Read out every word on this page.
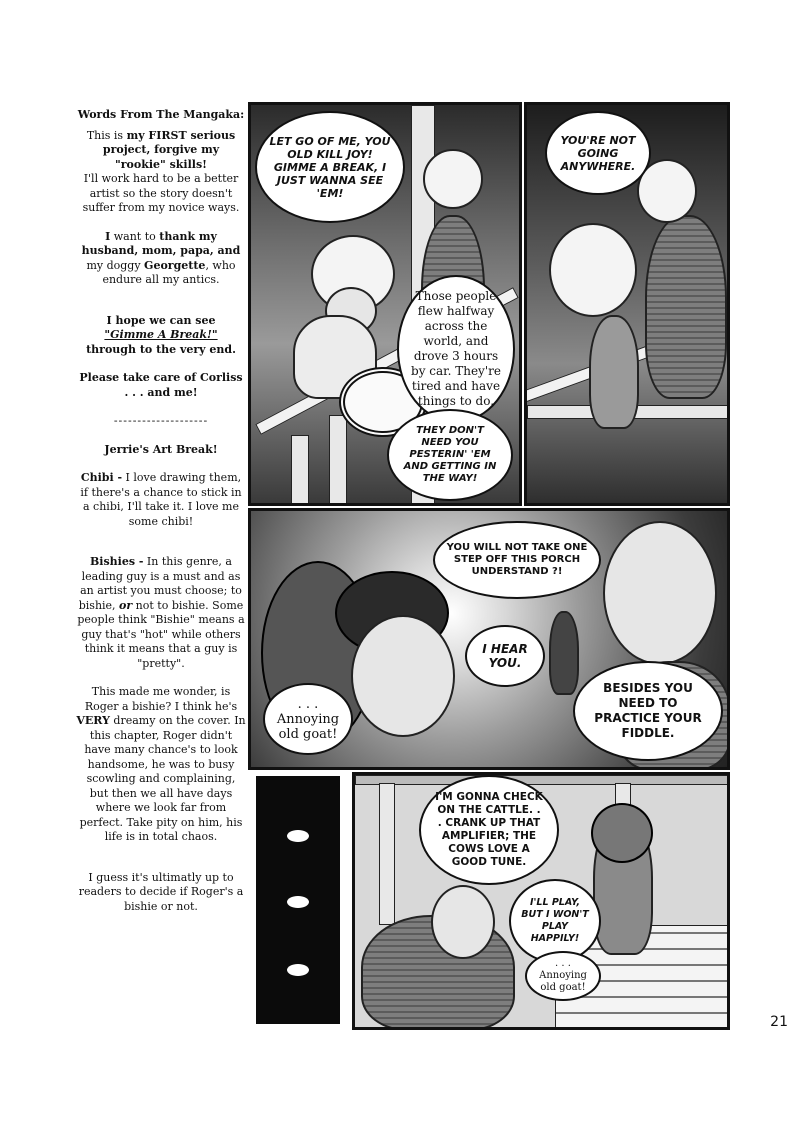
Words From The Mangaka:

This is my FIRST serious project, forgive my "rookie" skills!
I'll work hard to be a better artist so the story doesn't suffer from my novice ways.

I want to thank my husband, mom, papa, and my doggy Georgette, who endure all my antics.

I hope we can see
"Gimme A Break!"
through to the very end.

Please take care of Corliss . . . and me!

--------------------

Jerrie's Art Break!

Chibi - I love drawing them, if there's a chance to stick in a chibi, I'll take it. I love me some chibi!

Bishies - In this genre, a leading guy is a must and as an artist you must choose; to bishie, or not to bishie. Some people think "Bishie" means a guy that's "hot" while others think it means that a guy is "pretty".

This made me wonder, is Roger a bishie? I think he's VERY dreamy on the cover. In this chapter, Roger didn't have many chance's to look handsome, he was to busy scowling and complaining, but then we all have days where we look far from perfect. Take pity on him, his life is in total chaos.

I guess it's ultimatly up to readers to decide if Roger's a bishie or not.

LET GO OF ME, YOU OLD KILL JOY! GIMME A BREAK, I JUST WANNA SEE 'EM!
Those people flew halfway across the world, and drove 3 hours by car. They're tired and have things to do.
THEY DON'T NEED YOU PESTERIN' 'EM AND GETTING IN THE WAY!
YOU'RE NOT GOING ANYWHERE.
YOU WILL NOT TAKE ONE STEP OFF THIS PORCH UNDERSTAND ?!
I HEAR YOU.
. . .
Annoying old goat!
BESIDES YOU NEED TO PRACTICE YOUR FIDDLE.
I'M GONNA CHECK ON THE CATTLE. . . CRANK UP THAT AMPLIFIER; THE COWS LOVE A GOOD TUNE.
I'LL PLAY, BUT I WON'T PLAY HAPPILY!
. . . Annoying old goat!
21
